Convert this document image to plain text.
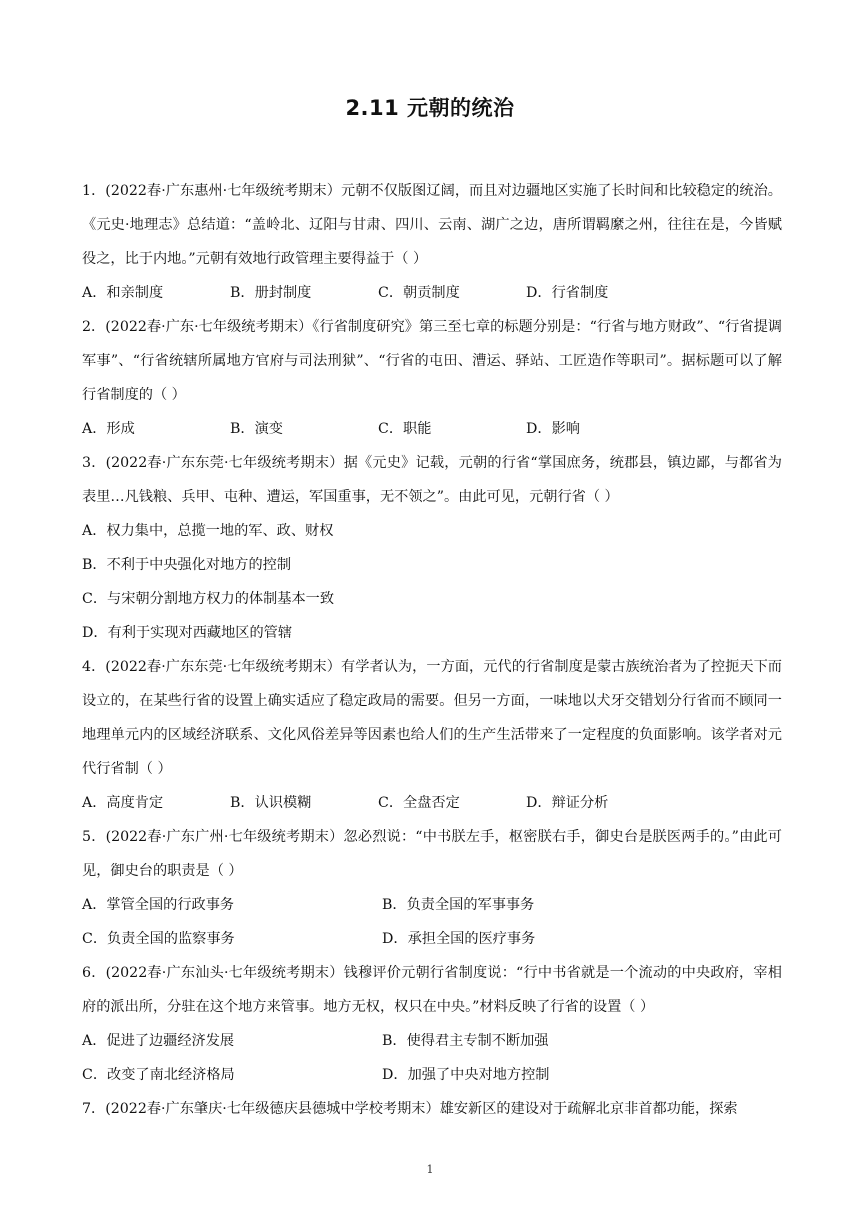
2.11 元朝的统治

1．(2022春·广东惠州·七年级统考期末）元朝不仅版图辽阔，而且对边疆地区实施了长时间和比较稳定的统治。《元史·地理志》总结道：“盖岭北、辽阳与甘肃、四川、云南、湖广之边，唐所谓羁縻之州，往往在是，今皆赋役之，比于内地。”元朝有效地行政管理主要得益于（ ）

A．和亲制度	B．册封制度	C．朝贡制度	D．行省制度

2．(2022春·广东·七年级统考期末）《行省制度研究》第三至七章的标题分别是：“行省与地方财政”、“行省提调军事”、“行省统辖所属地方官府与司法刑狱”、“行省的屯田、漕运、驿站、工匠造作等职司”。据标题可以了解行省制度的（ ）

A．形成	B．演变	C．职能	D．影响

3．(2022春·广东东莞·七年级统考期末）据《元史》记载，元朝的行省“掌国庶务，统郡县，镇边鄙，与都省为表里…凡钱粮、兵甲、屯种、遭运，军国重事，无不领之”。由此可见，元朝行省（ ）

A．权力集中，总揽一地的军、政、财权

B．不利于中央强化对地方的控制

C．与宋朝分割地方权力的体制基本一致

D．有利于实现对西藏地区的管辖

4．(2022春·广东东莞·七年级统考期末）有学者认为，一方面，元代的行省制度是蒙古族统治者为了控扼天下而设立的，在某些行省的设置上确实适应了稳定政局的需要。但另一方面，一味地以犬牙交错划分行省而不顾同一地理单元内的区域经济联系、文化风俗差异等因素也给人们的生产生活带来了一定程度的负面影响。该学者对元代行省制（ ）

A．高度肯定	B．认识模糊	C．全盘否定	D．辩证分析

5．(2022春·广东广州·七年级统考期末）忽必烈说：“中书朕左手，枢密朕右手，御史台是朕医两手的。”由此可见，御史台的职责是（ ）

A．掌管全国的行政事务	B．负责全国的军事事务
C．负责全国的监察事务	D．承担全国的医疗事务

6．(2022春·广东汕头·七年级统考期末）钱穆评价元朝行省制度说：“行中书省就是一个流动的中央政府，宰相府的派出所，分驻在这个地方来管事。地方无权，权只在中央。”材料反映了行省的设置（ ）

A．促进了边疆经济发展	B．使得君主专制不断加强
C．改变了南北经济格局	D．加强了中央对地方控制

7．(2022春·广东肇庆·七年级德庆县德城中学校考期末）雄安新区的建设对于疏解北京非首都功能，探索

1
